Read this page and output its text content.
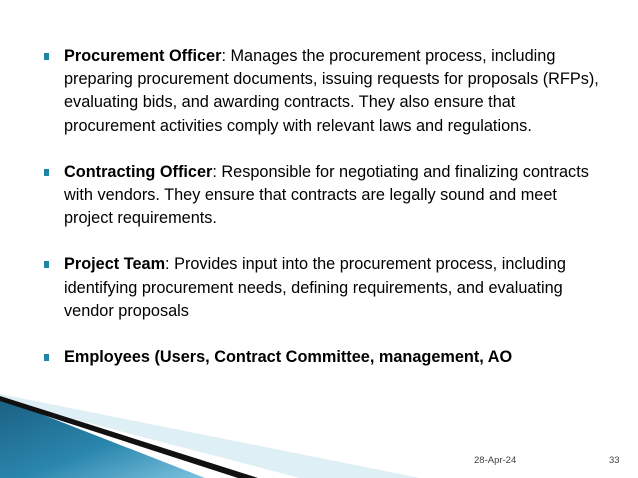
Procurement Officer: Manages the procurement process, including preparing procurement documents, issuing requests for proposals (RFPs), evaluating bids, and awarding contracts. They also ensure that procurement activities comply with relevant laws and regulations.
Contracting Officer: Responsible for negotiating and finalizing contracts with vendors. They ensure that contracts are legally sound and meet project requirements.
Project Team: Provides input into the procurement process, including identifying procurement needs, defining requirements, and evaluating vendor proposals
Employees (Users, Contract Committee, management, AO
28-Apr-24	33
